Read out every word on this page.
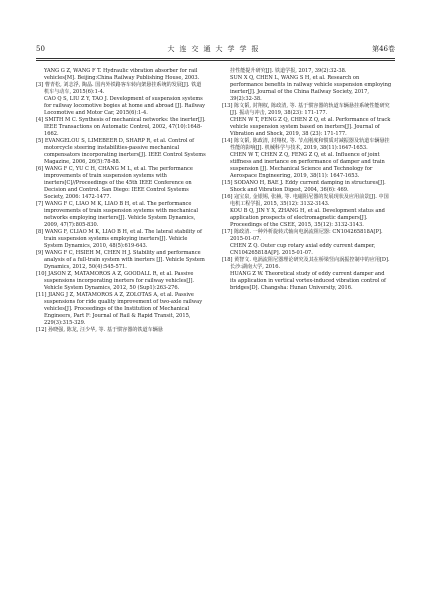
50	大连交通大学学报	第46卷
YANG G Z, WANG F T. Hydraulic vibration absorber for rail vehicles[M]. Beijing:China Railway Publishing House, 2003.
[3] 曹青松, 刘志浮, 陶晶. 国内外铁路客车转向架悬挂系统的发展[J]. 铁道机车与动车, 2015(6):1-4.
CAO Q S, LIU Z Y, TAO J. Development of suspension systems for railway locomotive bogies at home and abroad [J]. Railway Locomotive and Motor Car, 2015(6):1-4.
[4] SMITH M C. Synthesis of mechanical networks: the inerter[J]. IEEE Transactions on Automatic Control, 2002, 47(10):1648-1662.
[5] EVANGELOU S, LIMEBEER D, SHARP R, et al. Control of motorcycle steering instabilities-passive mechanical compensators incorporating inerters[J]. IEEE Control Systems Magazine, 2006, 26(5):78-88.
[6] WANG F C, YU C H, CHANG M L, et al. The performance improvements of train suspension systems with inerters[C]//Proceedings of the 45th IEEE Conference on Decision and Control. San Diego: IEEE Control Systems Society, 2006: 1472-1477.
[7] WANG F C, LIAO M K, LIAO B H, et al. The performance improvements of train suspension systems with mechanical networks employing inerters[J]. Vehicle System Dynamics, 2009, 47(7):805-830.
[8] WANG F, CLIAO M K, LIAO B H, et al. The lateral stability of train suspension systems employing inerters[J]. Vehicle System Dynamics, 2010, 48(5):619-643.
[9] WANG F C, HSIEH M, CHEN H J. Stability and performance analysis of a full-train system with inerters [J]. Vehicle System Dynamics, 2012, 50(4):545-571.
[10] JASON Z, MATAMOROS A Z, GOODALL R, et al. Passive suspensions incorporating inerters for railway vehicles[J]. Vehicle System Dynamics, 2012, 50 (Sup1):263-276.
[11] JIANG J Z, MATAMOROS A Z, ZOLOTAS A, et al. Passive suspensions for ride quality improvement of two-axle railway vehicles[J]. Proceedings of the Institution of Mechanical Engineers, Part F: Journal of Rail & Rapid Transit, 2015, 229(3):315-329.
[12] 孙晓强, 陈龙, 汪少华, 等. 基于惯容器的铁道车辆悬
挂性能提升研究[J]. 铁道学报, 2017, 39(2):32-38.
SUN X Q, CHEN L, WANG S H, et al. Research on performance benefits in railway vehicle suspension employing inerter[J]. Journal of the China Railway Society, 2017, 39(2):32-38.
[13] 陈文韬, 封翔权, 陈政清, 等. 基于惯容器的轨道车辆悬挂系统性能研究[J]. 振动与冲击, 2019, 38(23): 171-177.
CHEN W T, FENG Z Q, CHEN Z Q, et al. Performance of track vehicle suspension system based on inerters[J]. Journal of Vibration and Shock, 2019, 38 (23): 171-177.
[14] 陈文韬, 陈政清, 封翔权, 等. 节点刚度和惯质对减振器及轨道车辆悬挂性能的影响[J]. 机械科学与技术, 2019, 38(11):1647-1653.
CHEN W T, CHEN Z Q, FENG Z Q, et al. Influence of joint stiffness and inertance on performance of damper and train suspension [J]. Mechanical Science and Technology for Aerospace Engineering, 2019, 38(11): 1647-1653.
[15] SODANO H, BAE J. Eddy current damping in structures[J]. Shock and Vibration Digest, 2004, 36(6): 469.
[16] 寇宝泉, 金银锡, 张赫, 等. 电磁阻尼器的发展现状及应用前景[J]. 中国电机工程学报, 2015, 35(12): 3132-3143.
KOU B Q, JIN Y X, ZHANG H, et al. Development status and application prospects of electromagnetic dampers[J]. Proceedings of the CSEE, 2015, 35(12): 3132-3143.
[17] 陈政清. 一种外析旋转式轴向电涡流阻尼器: CN104265818A[P]. 2015-01-07.
CHEN Z Q. Outer cup rotary axial eddy current damper, CN104265818A[P]. 2015-01-07.
[18] 黄智文. 电涡流阻尼器理论研究及其在桥梁竖向涡振控制中的应用[D]. 长沙:湖南大学, 2016.
HUANG Z W. Theoretical study of eddy current damper and its application in vertical vortex-induced vibration control of bridges[D]. Changsha: Hunan University, 2016.
